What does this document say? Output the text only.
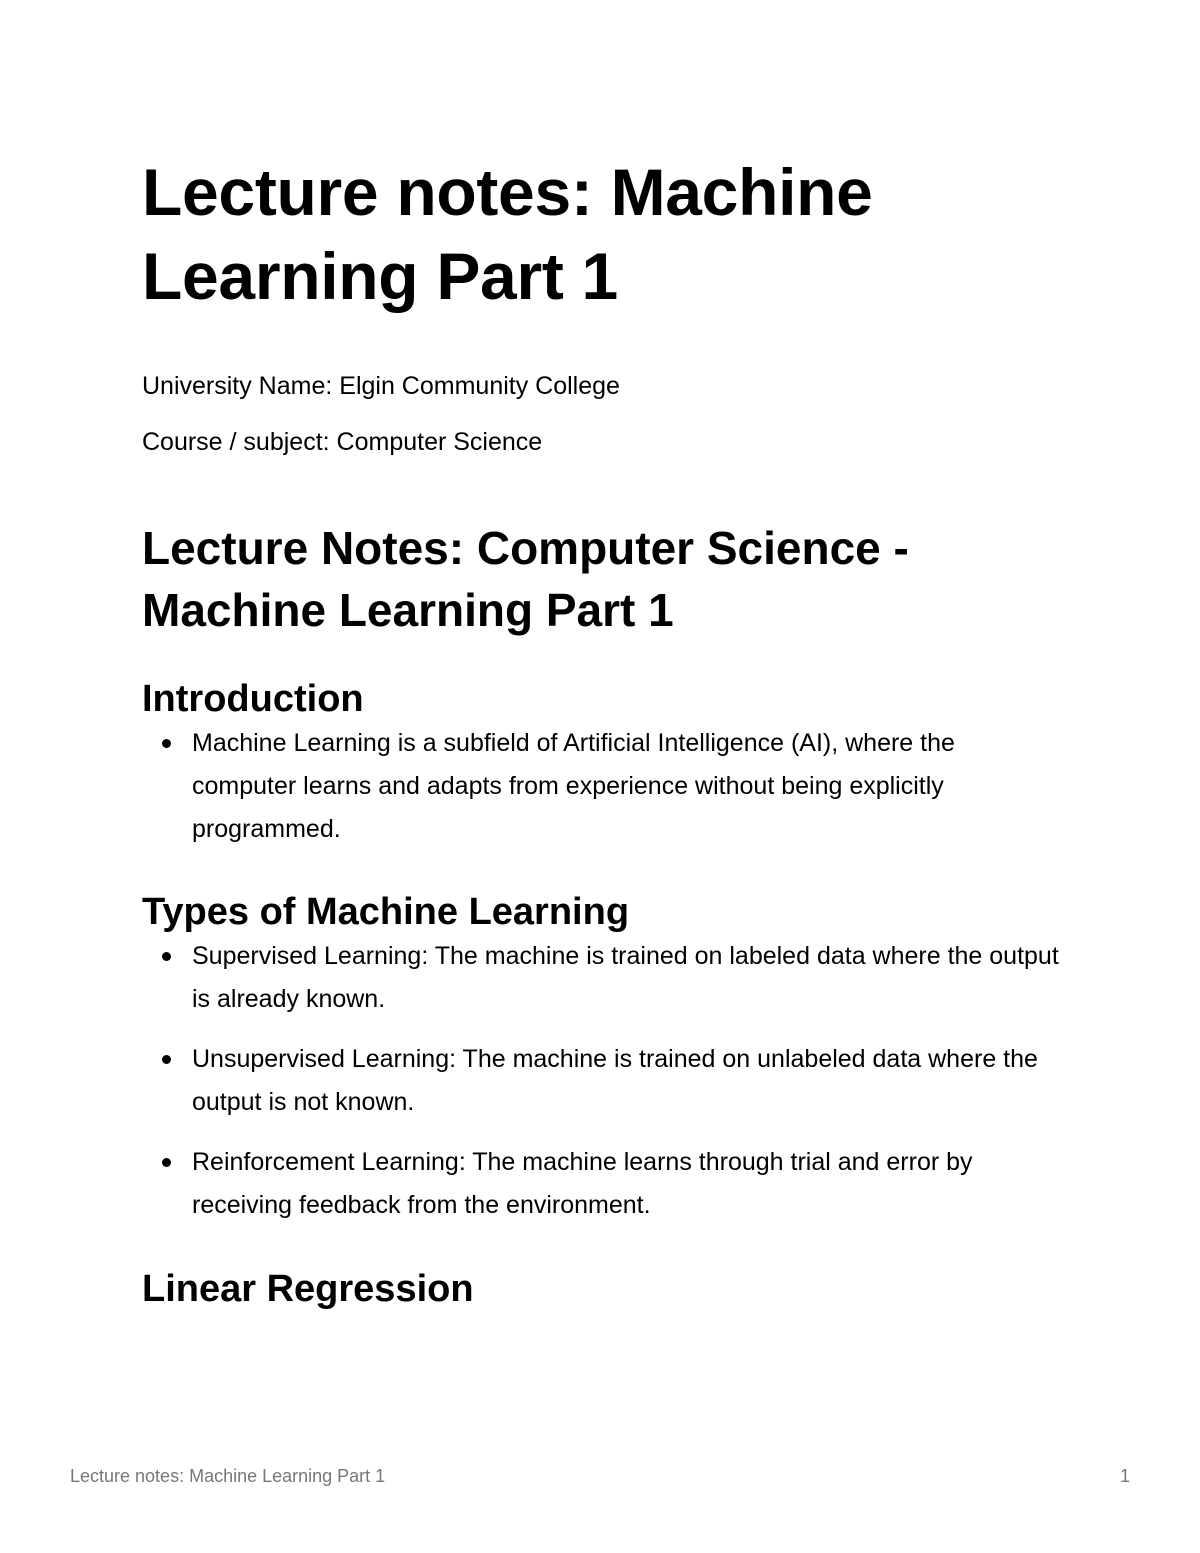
Lecture notes: Machine
Learning Part 1

University Name: Elgin Community College

Course / subject: Computer Science

Lecture Notes: Computer Science -
Machine Learning Part 1
Introduction
Machine Learning is a subfield of Artificial Intelligence (AI), where the computer learns and adapts from experience without being explicitly programmed.
Types of Machine Learning
Supervised Learning: The machine is trained on labeled data where the output is already known.
Unsupervised Learning: The machine is trained on unlabeled data where the output is not known.
Reinforcement Learning: The machine learns through trial and error by receiving feedback from the environment.
Linear Regression
Lecture notes: Machine Learning Part 1	1
